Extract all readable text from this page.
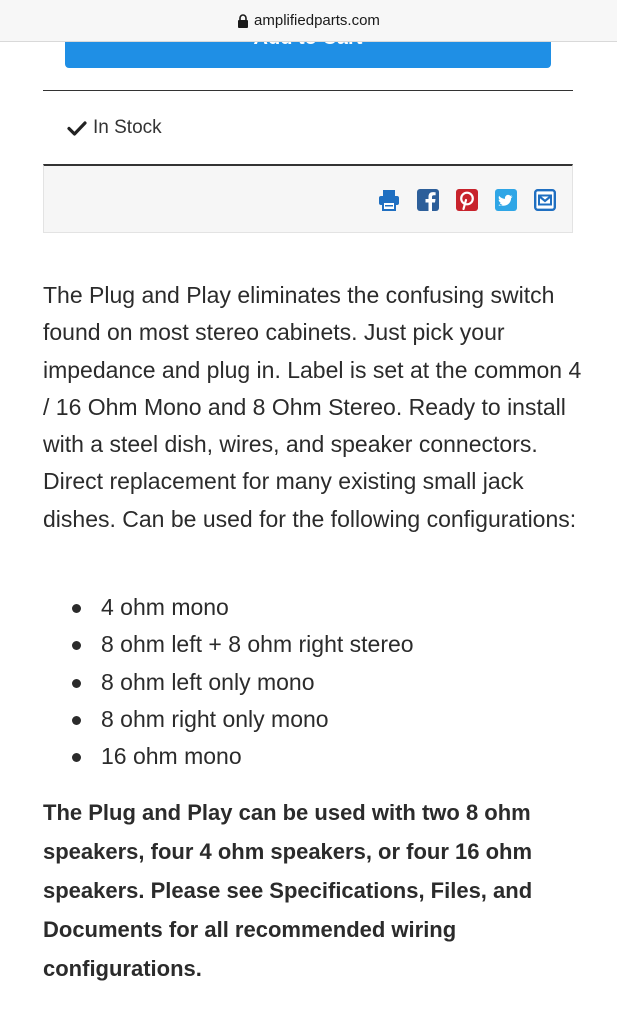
amplifiedparts.com
In Stock

The Plug and Play eliminates the confusing switch found on most stereo cabinets. Just pick your impedance and plug in. Label is set at the common 4 / 16 Ohm Mono and 8 Ohm Stereo. Ready to install with a steel dish, wires, and speaker connectors. Direct replacement for many existing small jack dishes. Can be used for the following configurations:

4 ohm mono
8 ohm left + 8 ohm right stereo
8 ohm left only mono
8 ohm right only mono
16 ohm mono

The Plug and Play can be used with two 8 ohm speakers, four 4 ohm speakers, or four 16 ohm speakers. Please see Specifications, Files, and Documents for all recommended wiring configurations.
